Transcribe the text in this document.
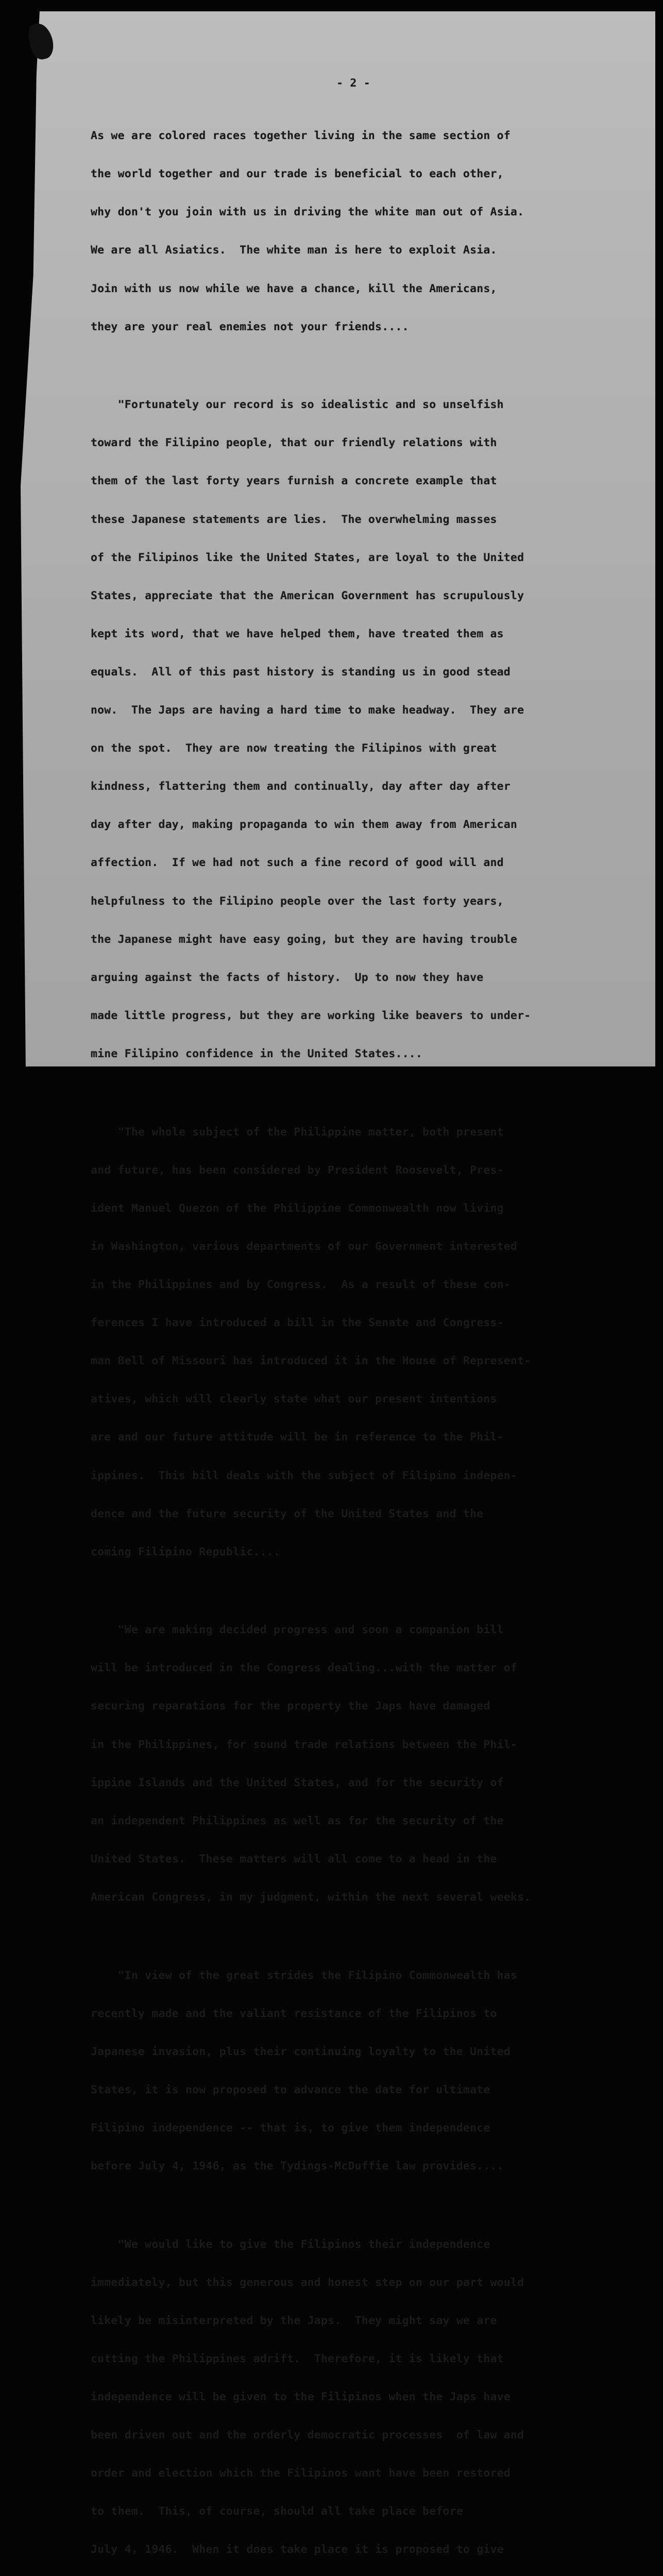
- 2 -

As we are colored races together living in the same section of

the world together and our trade is beneficial to each other,

why don't you join with us in driving the white man out of Asia.

We are all Asiatics.  The white man is here to exploit Asia.

Join with us now while we have a chance, kill the Americans,

they are your real enemies not your friends....

"Fortunately our record is so idealistic and so unselfish

toward the Filipino people, that our friendly relations with

them of the last forty years furnish a concrete example that

these Japanese statements are lies.  The overwhelming masses

of the Filipinos like the United States, are loyal to the United

States, appreciate that the American Government has scrupulously

kept its word, that we have helped them, have treated them as

equals.  All of this past history is standing us in good stead

now.  The Japs are having a hard time to make headway.  They are

on the spot.  They are now treating the Filipinos with great

kindness, flattering them and continually, day after day after

day after day, making propaganda to win them away from American

affection.  If we had not such a fine record of good will and

helpfulness to the Filipino people over the last forty years,

the Japanese might have easy going, but they are having trouble

arguing against the facts of history.  Up to now they have

made little progress, but they are working like beavers to under-

mine Filipino confidence in the United States....

"The whole subject of the Philippine matter, both present

and future, has been considered by President Roosevelt, Pres-

ident Manuel Quezon of the Philippine Commonwealth now living

in Washington, various departments of our Government interested

in the Philippines and by Congress.  As a result of these con-

ferences I have introduced a bill in the Senate and Congress-

man Bell of Missouri has introduced it in the House of Represent-

atives, which will clearly state what our present intentions

are and our future attitude will be in reference to the Phil-

ippines.  This bill deals with the subject of Filipino indepen-

dence and the future security of the United States and the

coming Filipino Republic....

"We are making decided progress and soon a companion bill

will be introduced in the Congress dealing...with the matter of

securing reparations for the property the Japs have damaged

in the Philippines, for sound trade relations between the Phil-

ippine Islands and the United States, and for the security of

an independent Philippines as well as for the security of the

United States.  These matters will all come to a head in the

American Congress, in my judgment, within the next several weeks.

"In view of the great strides the Filipino Commonwealth has

recently made and the valiant resistance of the Filipinos to

Japanese invasion, plus their continuing loyalty to the United

States, it is now proposed to advance the date for ultimate

Filipino independence -- that is, to give them independence

before July 4, 1946, as the Tydings-McDuffie law provides....

"We would like to give the Filipinos their independence

immediately, but this generous and honest step on our part would

likely be misinterpreted by the Japs.  They might say we are

cutting the Philippines adrift.  Therefore, it is likely that

independence will be given to the Filipinos when the Japs have

been driven out and the orderly democratic processes  of law and

order and election which the Filipinos want have been restored

to them.  This, of course, should all take place before

July 4, 1946.  When it does take place it is proposed to give
